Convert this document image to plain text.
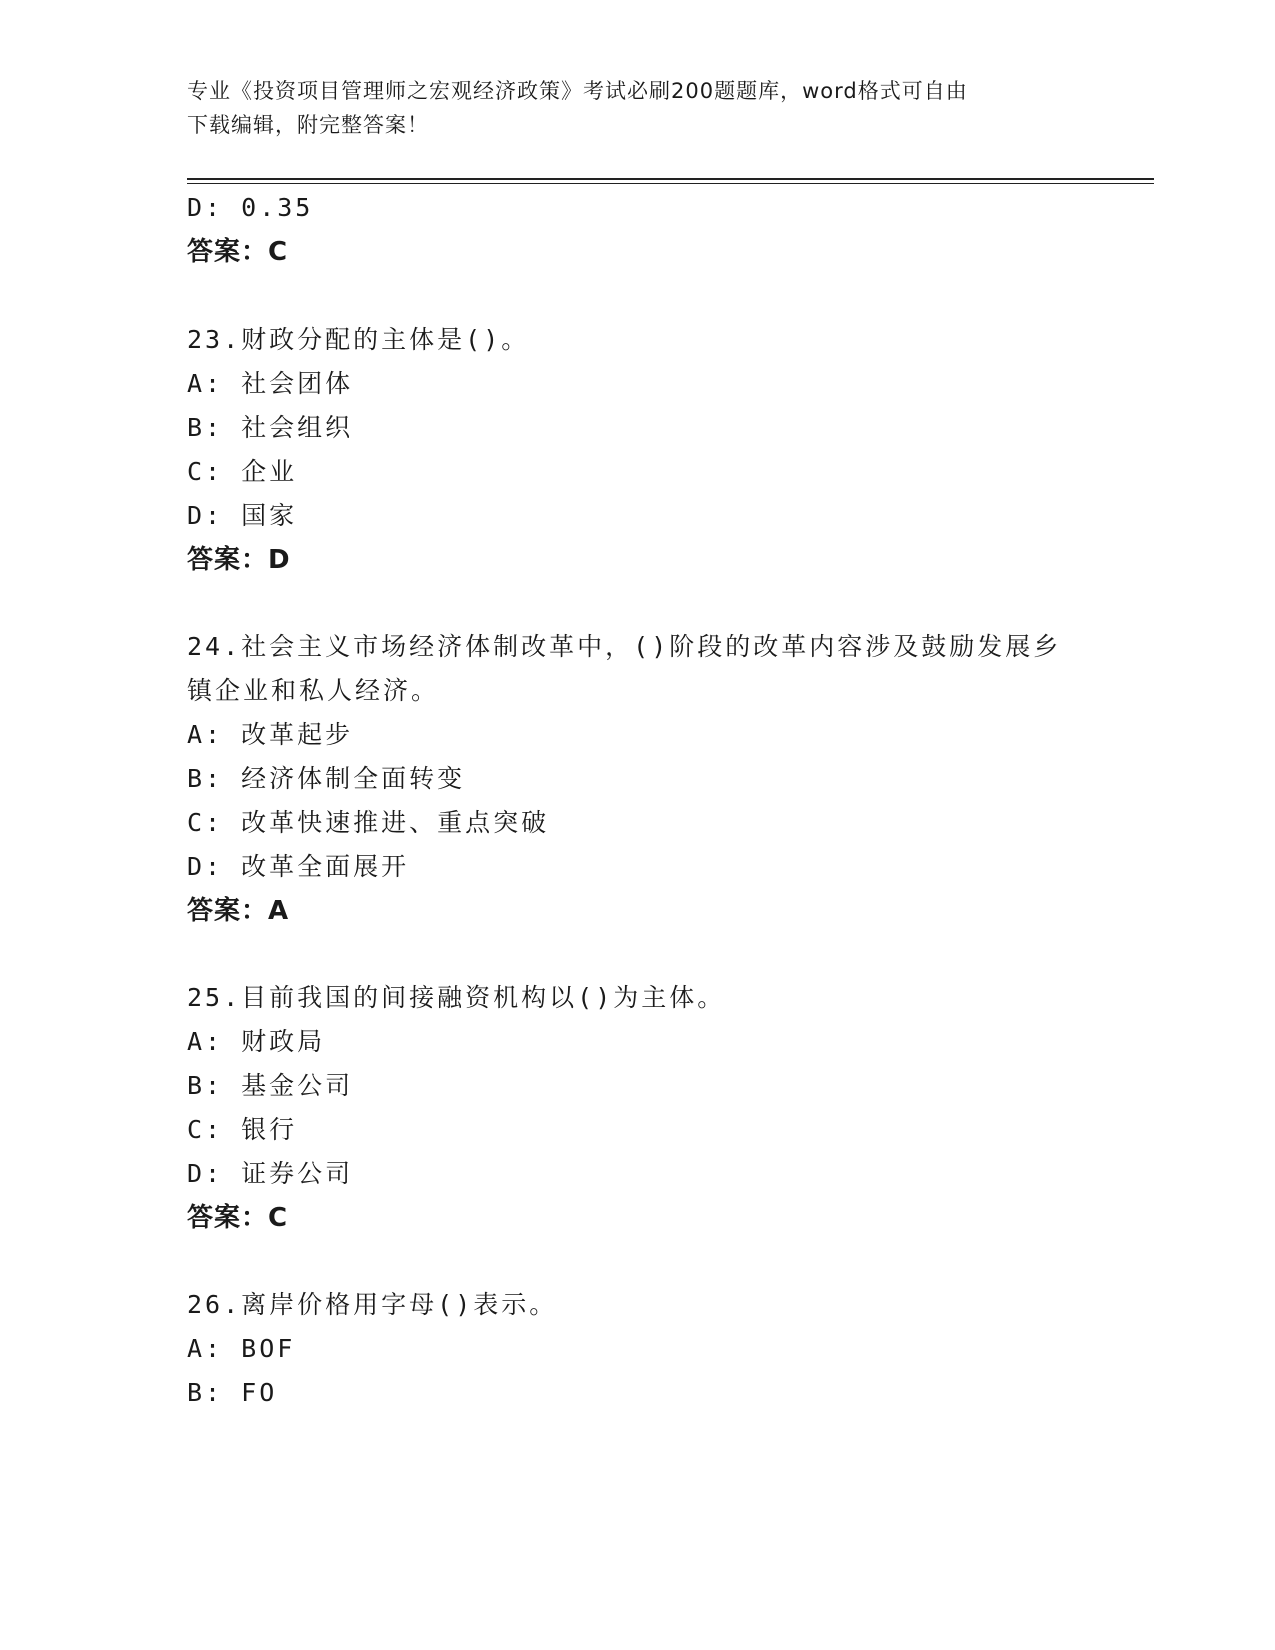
专业《投资项目管理师之宏观经济政策》考试必刷200题题库，word格式可自由
下载编辑，附完整答案！
D: 0.35
答案：C
23.财政分配的主体是()。
A: 社会团体
B: 社会组织
C: 企业
D: 国家
答案：D
24.社会主义市场经济体制改革中，()阶段的改革内容涉及鼓励发展乡
镇企业和私人经济。
A: 改革起步
B: 经济体制全面转变
C: 改革快速推进、重点突破
D: 改革全面展开
答案：A
25.目前我国的间接融资机构以()为主体。
A: 财政局
B: 基金公司
C: 银行
D: 证券公司
答案：C
26.离岸价格用字母()表示。
A: BOF
B: FO
